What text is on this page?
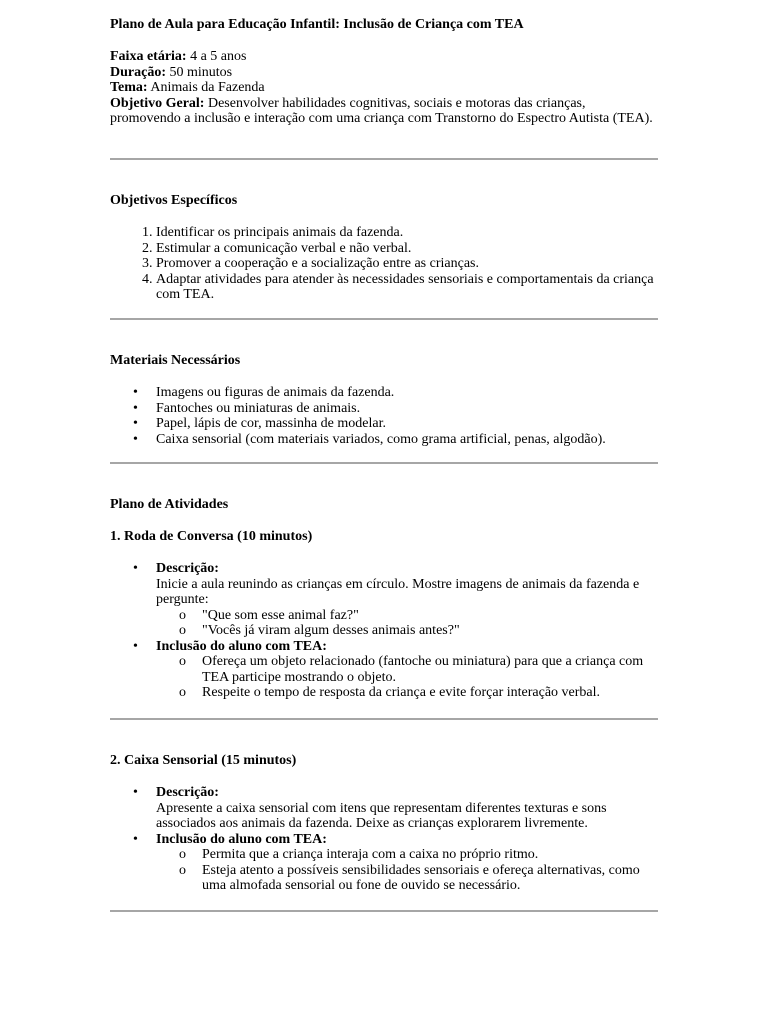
Plano de Aula para Educação Infantil: Inclusão de Criança com TEA

Faixa etária: 4 a 5 anos

Duração: 50 minutos

Tema: Animais da Fazenda

Objetivo Geral: Desenvolver habilidades cognitivas, sociais e motoras das crianças, promovendo a inclusão e interação com uma criança com Transtorno do Espectro Autista (TEA).

Objetivos Específicos
1. Identificar os principais animais da fazenda.
2. Estimular a comunicação verbal e não verbal.
3. Promover a cooperação e a socialização entre as crianças.
4. Adaptar atividades para atender às necessidades sensoriais e comportamentais da criança com TEA.
Materiais Necessários
• Imagens ou figuras de animais da fazenda.
• Fantoches ou miniaturas de animais.
• Papel, lápis de cor, massinha de modelar.
• Caixa sensorial (com materiais variados, como grama artificial, penas, algodão).
Plano de Atividades
1. Roda de Conversa (10 minutos)
• Descrição:
Inicie a aula reunindo as crianças em círculo. Mostre imagens de animais da fazenda e pergunte:
o "Que som esse animal faz?"
o "Vocês já viram algum desses animais antes?"
• Inclusão do aluno com TEA:
o Ofereça um objeto relacionado (fantoche ou miniatura) para que a criança com TEA participe mostrando o objeto.
o Respeite o tempo de resposta da criança e evite forçar interação verbal.
2. Caixa Sensorial (15 minutos)
• Descrição:
Apresente a caixa sensorial com itens que representam diferentes texturas e sons associados aos animais da fazenda. Deixe as crianças explorarem livremente.
• Inclusão do aluno com TEA:
o Permita que a criança interaja com a caixa no próprio ritmo.
o Esteja atento a possíveis sensibilidades sensoriais e ofereça alternativas, como uma almofada sensorial ou fone de ouvido se necessário.
